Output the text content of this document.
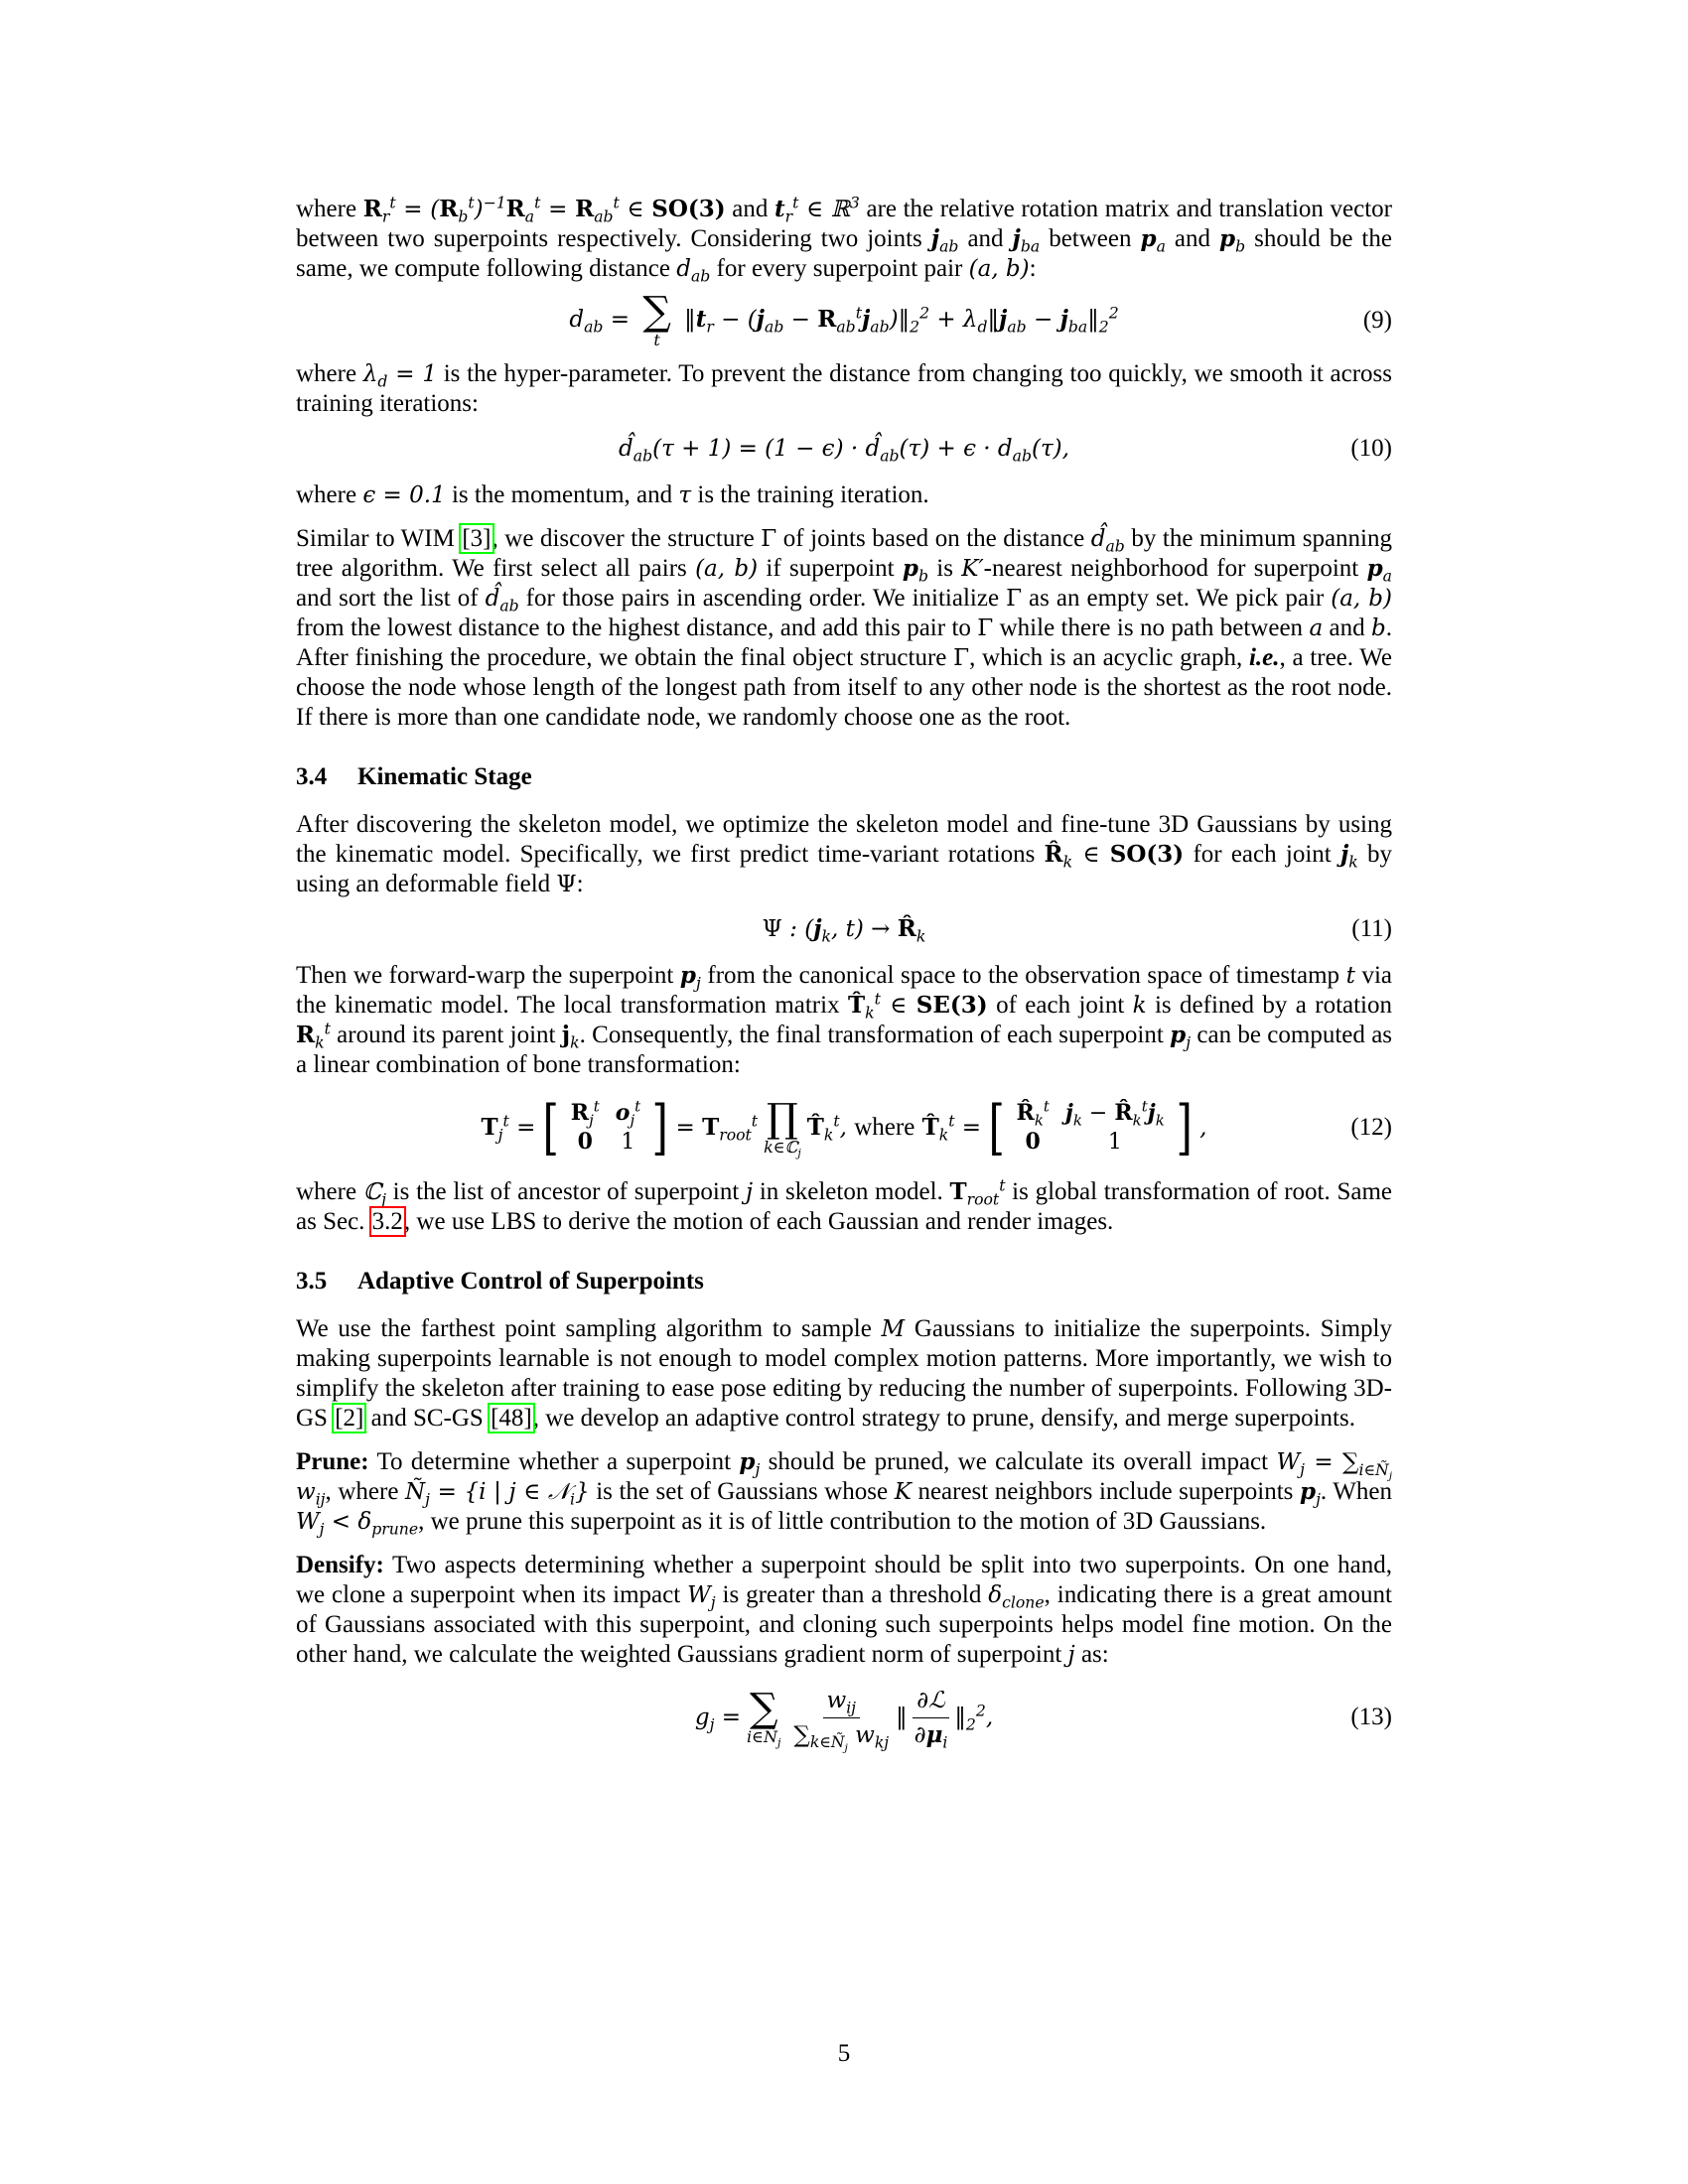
where $R_r^t = (R_b^t)^{-1}R_a^t = R_{ab}^t$ ∈ SO(3) and $t_r^t$ ∈ ℝ$^3$ are the relative rotation matrix and translation vector between two superpoints respectively. Considering two joints $j_{ab}$ and $j_{ba}$ between $p_a$ and $p_b$ should be the same, we compute following distance $d_{ab}$ for every superpoint pair (a, b):

$d_{ab}$ = ∑
t
$‖t_r - (j_{ab}$ − $R_{ab}^tj_{ab})‖_2^2$ + $\lambda_d‖j_{ab}$ − $j_{ba}‖_2^2$	(9)

where $\lambda_d = 1$ is the hyper-parameter. To prevent the distance from changing too quickly, we smooth it across training iterations:

$d̂_{ab}(\tau + 1) = (1 - \epsilon)$ · $d̂_{ab}(\tau) + \epsilon \cdot d_{ab}(\tau)$,	(10)

where ϵ = 0.1 is the momentum, and τ is the training iteration.

Similar to WIM [3], we discover the structure Γ of joints based on the distance $d̂_{ab}$ by the minimum spanning tree algorithm. We first select all pairs (a, b) if superpoint $p_b$ is K′-nearest neighborhood for superpoint $p_a$ and sort the list of $d̂_{ab}$ for those pairs in ascending order. We initialize Γ as an empty set. We pick pair (a, b) from the lowest distance to the highest distance, and add this pair to Γ while there is no path between a and b. After finishing the procedure, we obtain the final object structure Γ, which is an acyclic graph, i.e., a tree. We choose the node whose length of the longest path from itself to any other node is the shortest as the root node. If there is more than one candidate node, we randomly choose one as the root.

3.4 Kinematic Stage

After discovering the skeleton model, we optimize the skeleton model and fine-tune 3D Gaussians by using the kinematic model. Specifically, we first predict time-variant rotations $R̂_k$ ∈ SO(3) for each joint $j_k$ by using an deformable field Ψ:

Ψ : ($j_k$, $t) \to R̂_k$	(11)

Then we forward-warp the superpoint $p_j$ from the canonical space to the observation space of timestamp t via the kinematic model. The local transformation matrix $T̂_k^t$ ∈ SE(3) of each joint k is defined by a rotation $R_k^t$ around its parent joint $j_k$. Consequently, the final transformation of each superpoint $p_j$ can be computed as a linear combination of bone transformation:

$T_j^t$ = [ $R_j^t$	$o_j^t$
0	1 ] = $T_{root}^t$ ∏
k∈ℂ$_j$
$T̂_k^t$, where $T̂_k^t$ = [ $R̂_k^t$	$j_k$ − $R̂_k^tj_k$
0	1 ] ,	(12)

where ℂ$_j$ is the list of ancestor of superpoint j in skeleton model. $T_{root}^t$ is global transformation of root. Same as Sec. 3.2, we use LBS to derive the motion of each Gaussian and render images.

3.5 Adaptive Control of Superpoints

We use the farthest point sampling algorithm to sample M Gaussians to initialize the superpoints. Simply making superpoints learnable is not enough to model complex motion patterns. More importantly, we wish to simplify the skeleton after training to ease pose editing by reducing the number of superpoints. Following 3D-GS [2] and SC-GS [48], we develop an adaptive control strategy to prune, densify, and merge superpoints.

Prune: To determine whether a superpoint $p_j$ should be pruned, we calculate its overall impact $W_j = \sum_{i\in Ñ_j}$ $w_{ij}$, where $Ñ_j = \{i$ | j ∈ 𝒩$_i$} is the set of Gaussians whose K nearest neighbors include superpoints $p_j$. When $W_j < \delta_{prune}$, we prune this superpoint as it is of little contribution to the motion of 3D Gaussians.

Densify: Two aspects determining whether a superpoint should be split into two superpoints. On one hand, we clone a superpoint when its impact $W_j$ is greater than a threshold $\delta_{clone}$, indicating there is a great amount of Gaussians associated with this superpoint, and cloning such superpoints helps model fine motion. On the other hand, we calculate the weighted Gaussians gradient norm of superpoint j as:

$g_j$ = ∑
$i\in Ñ_j \frac{w_{ij}}{\sum_{k\in Ñ_j} w_{kj}}$ ‖ $\frac{\text{∂ℒ}}{\partial\mu_i}$ $‖_2^2$,	(13)
5
